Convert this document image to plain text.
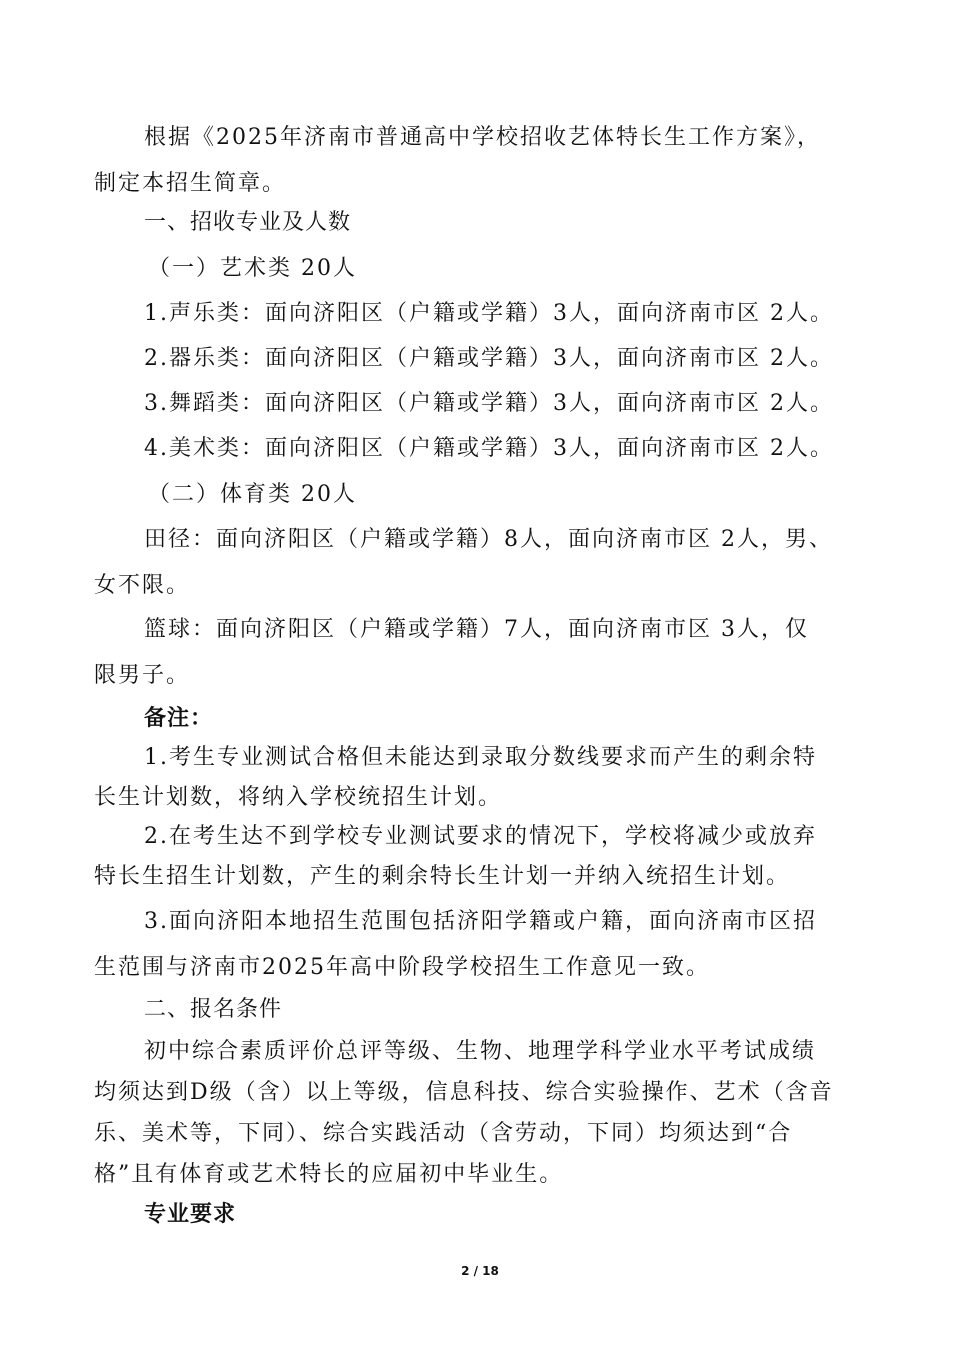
根据《2025年济南市普通高中学校招收艺体特长生工作方案》，
制定本招生简章。
一、招收专业及人数
（一）艺术类 20人
1.声乐类：面向济阳区（户籍或学籍）3人，面向济南市区 2人。
2.器乐类：面向济阳区（户籍或学籍）3人，面向济南市区 2人。
3.舞蹈类：面向济阳区（户籍或学籍）3人，面向济南市区 2人。
4.美术类：面向济阳区（户籍或学籍）3人，面向济南市区 2人。
（二）体育类 20人
田径：面向济阳区（户籍或学籍）8人，面向济南市区 2人，男、
女不限。
篮球：面向济阳区（户籍或学籍）7人，面向济南市区 3人，仅
限男子。
备注：
1.考生专业测试合格但未能达到录取分数线要求而产生的剩余特
长生计划数，将纳入学校统招生计划。
2.在考生达不到学校专业测试要求的情况下，学校将减少或放弃
特长生招生计划数，产生的剩余特长生计划一并纳入统招生计划。
3.面向济阳本地招生范围包括济阳学籍或户籍，面向济南市区招
生范围与济南市2025年高中阶段学校招生工作意见一致。
二、报名条件
初中综合素质评价总评等级、生物、地理学科学业水平考试成绩
均须达到D级（含）以上等级，信息科技、综合实验操作、艺术（含音
乐、美术等，下同）、综合实践活动（含劳动，下同）均须达到“合
格”且有体育或艺术特长的应届初中毕业生。
专业要求
2 / 18
